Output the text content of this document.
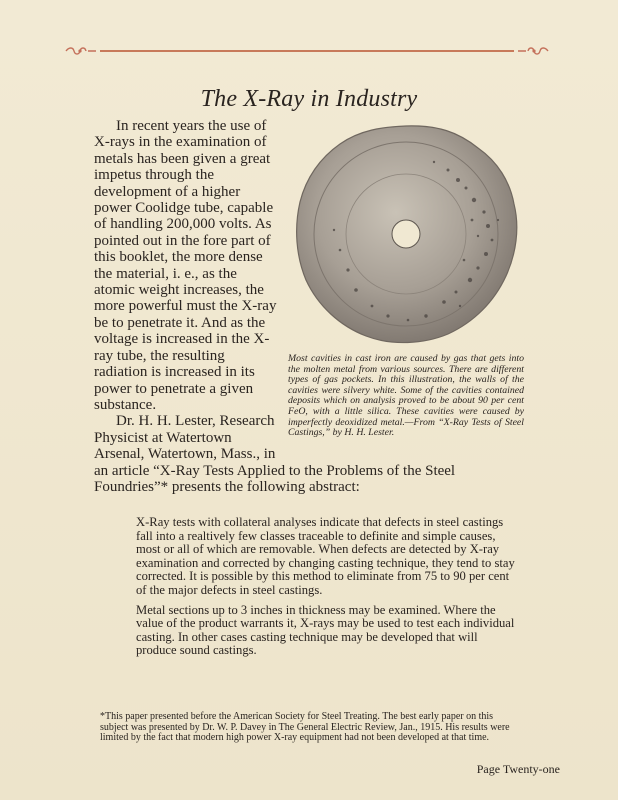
The X-Ray in Industry
Most cavities in cast iron are caused by gas that gets into the molten metal from various sources. There are different types of gas pockets. In this illustration, the walls of the cavities were silvery white. Some of the cavities contained deposits which on analysis proved to be about 90 per cent FeO, with a little silica. These cavities were caused by imperfectly deoxidized metal.—From “X-Ray Tests of Steel Castings,” by H. H. Lester.

In recent years the use of X-rays in the examination of metals has been given a great impetus through the development of a higher power Coolidge tube, capable of handling 200,000 volts. As pointed out in the fore part of this booklet, the more dense the material, i. e., as the atomic weight increases, the more powerful must the X-ray be to penetrate it. And as the voltage is increased in the X-ray tube, the resulting radiation is increased in its power to penetrate a given substance.

Dr. H. H. Lester, Research Physicist at Watertown Arsenal, Watertown, Mass., in an article “X-Ray Tests Applied to the Problems of the Steel Foundries”* presents the following abstract:

X-Ray tests with collateral analyses indicate that defects in steel castings fall into a realtively few classes traceable to definite and simple causes, most or all of which are removable. When defects are detected by X-ray examination and corrected by changing casting technique, they tend to stay corrected. It is possible by this method to eliminate from 75 to 90 per cent of the major defects in steel castings.

Metal sections up to 3 inches in thickness may be examined. Where the value of the product warrants it, X-rays may be used to test each individual casting. In other cases casting technique may be developed that will produce sound castings.

*This paper presented before the American Society for Steel Treating. The best early paper on this subject was presented by Dr. W. P. Davey in The General Electric Review, Jan., 1915. His results were limited by the fact that modern high power X-ray equipment had not been developed at that time.
Page Twenty-one
